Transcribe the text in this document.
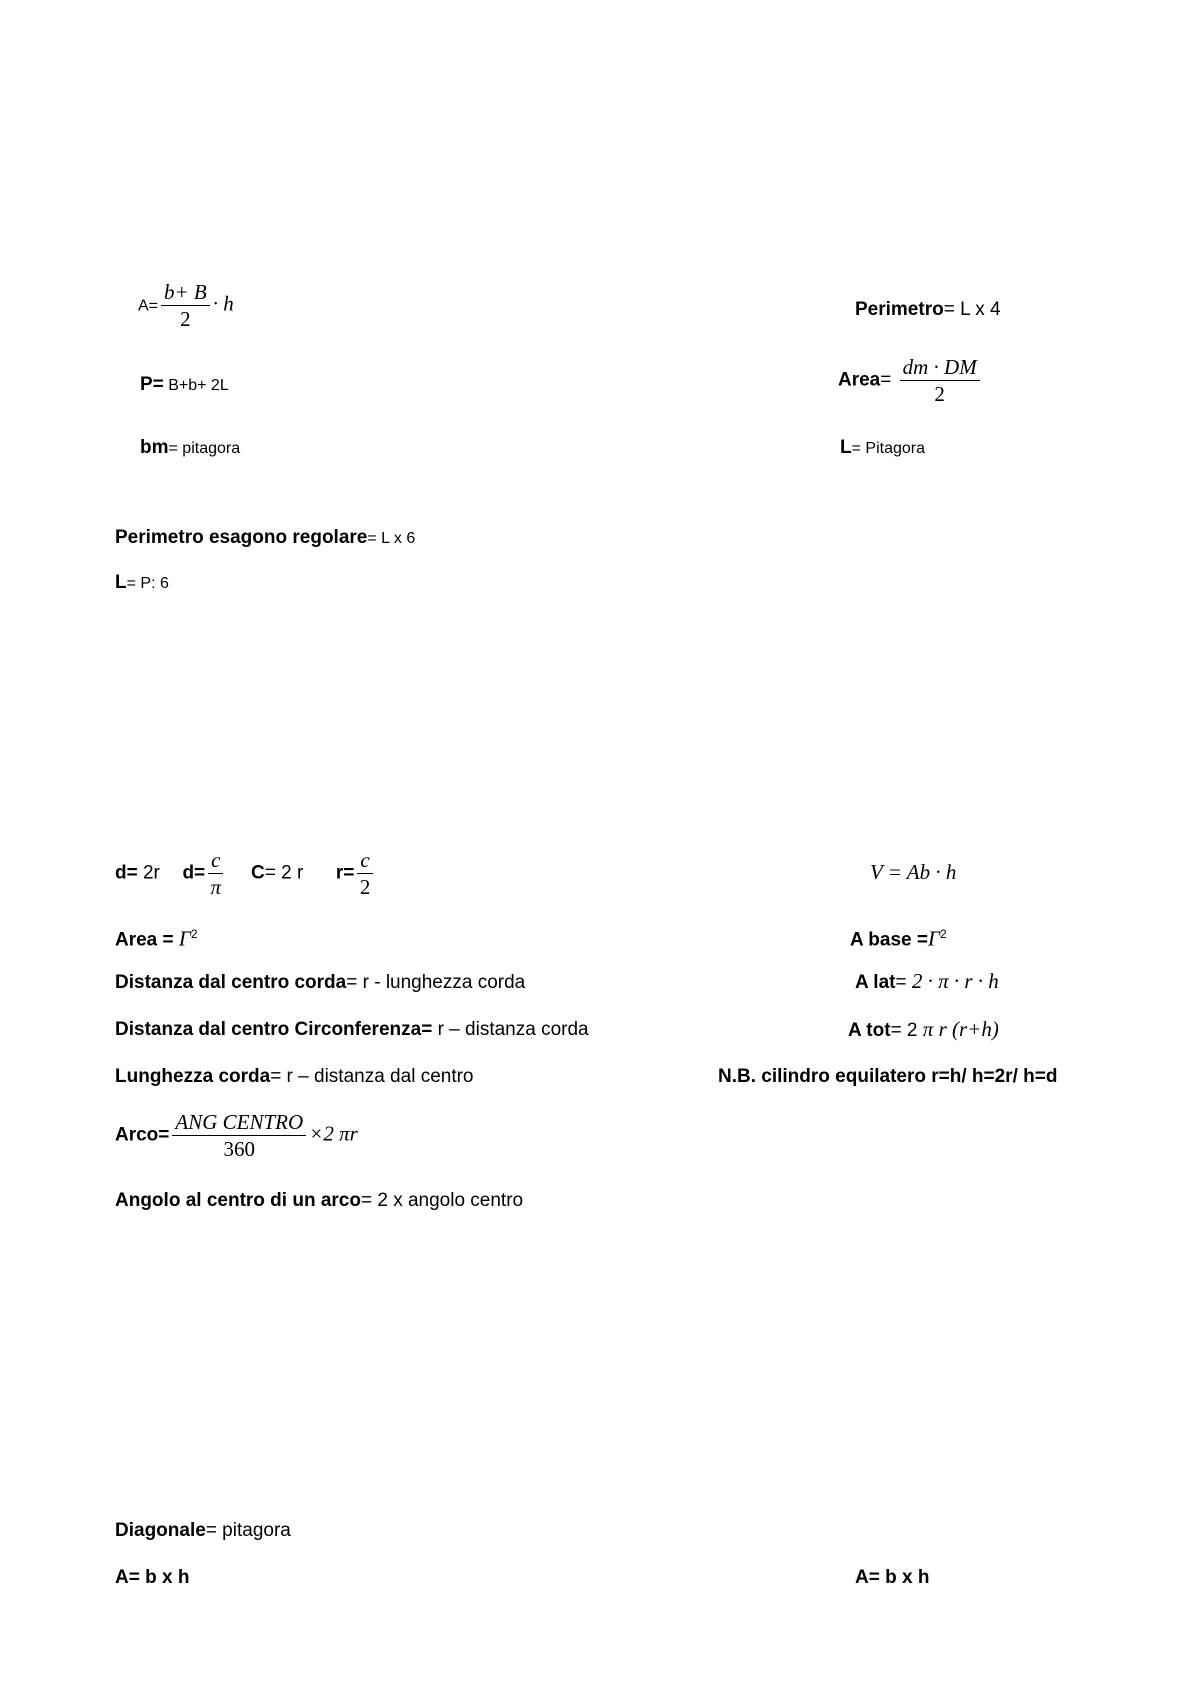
$A= \frac{b+ B}{2} \cdot h$
P= B+b+ 2L
bm= pitagora
Perimetro= L x 4
Area= $\frac{dm \cdot DM}{2}$
L= Pitagora
Perimetro esagono regolare= L x 6
L= P: 6
d= 2r $d= \frac{c}{\pi} C= 2$ r $r= \frac{c}{2}$
Area = $\Gamma^2$
Distanza dal centro corda= r - lunghezza corda
Distanza dal centro Circonferenza= r – distanza corda
Lunghezza corda= r – distanza dal centro
Arco= $\frac{\text{ANG CENTRO}}{360} \times 2$ πr
Angolo al centro di un arco= 2 x angolo centro
V = Ab · h
A base $=\Gamma^2$
A lat= 2 · π · r · h
A tot= 2 π r (r+h)
N.B. cilindro equilatero r=h/ h=2r/ h=d
Diagonale= pitagora
A= b x h	A= b x h
